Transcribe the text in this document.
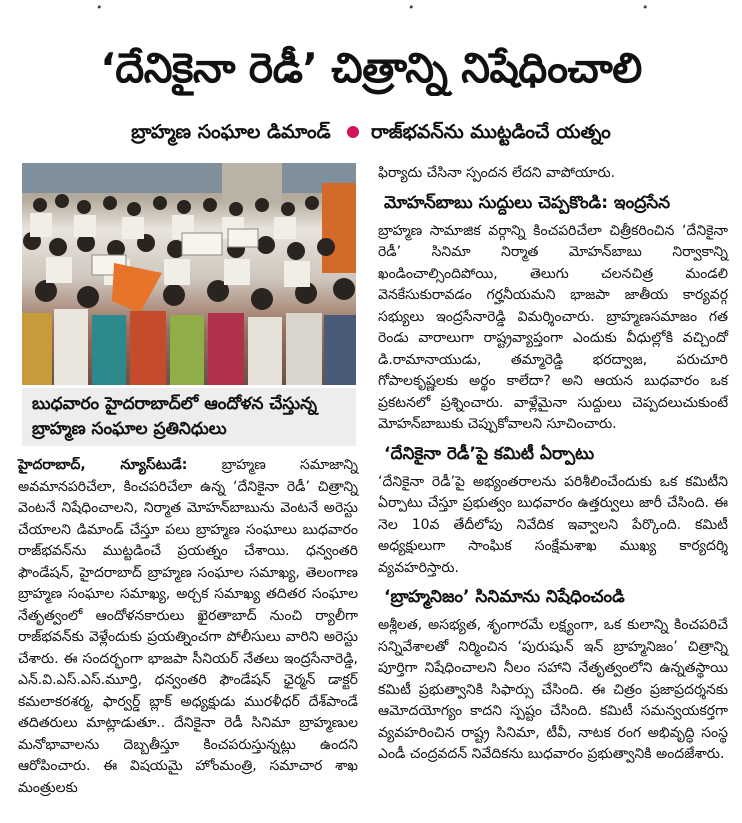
•	•	•
‘దేనికైనా రెడీ’ చిత్రాన్ని నిషేధించాలి
బ్రాహ్మణ సంఘాల డిమాండ్ రాజ్‌భవన్‌ను ముట్టడించే యత్నం
బుధవారం హైదరాబాద్‌లో ఆందోళన చేస్తున్న బ్రాహ్మణ సంఘాల ప్రతినిధులు

హైదరాబాద్, న్యూస్‌టుడే: బ్రాహ్మణ సమాజాన్ని అవమానపరిచేలా, కించపరిచేలా ఉన్న ‘దేనికైనా రెడీ’ చిత్రాన్ని వెంటనే నిషేధించాలని, నిర్మాత మోహన్‌బాబును వెంటనే అరెస్టు చేయాలని డిమాండ్ చేస్తూ పలు బ్రాహ్మణ సంఘాలు బుధవారం రాజ్‌భవన్‌ను ముట్టడించే ప్రయత్నం చేశాయి. ధన్వంతరి ఫౌండేషన్, హైదరాబాద్ బ్రాహ్మణ సంఘాల సమాఖ్య, తెలంగాణ బ్రాహ్మణ సంఘాల సమాఖ్య, అర్చక సమాఖ్య తదితర సంఘాల నేతృత్వంలో ఆందోళనకారులు ఖైరతాబాద్ నుంచి ర్యాలీగా రాజ్‌భవన్‌కు వెళ్లేందుకు ప్రయత్నించగా పోలీసులు వారిని అరెస్టు చేశారు. ఈ సందర్భంగా భాజపా సీనియర్ నేతలు ఇంద్రసేనారెడ్డి, ఎన్.వి.ఎస్.ఎస్.మూర్తి, ధన్వంతరి ఫౌండేషన్ ఛైర్మన్ డాక్టర్ కమలాకరశర్మ, ఫార్వర్డ్ బ్లాక్ అధ్యక్షుడు మురళీధర్ దేశ్‌పాండే తదితరులు మాట్లాడుతూ.. దేనికైనా రెడీ సినిమా బ్రాహ్మణుల మనోభావాలను దెబ్బతీస్తూ కించపరుస్తున్నట్లు ఉందని ఆరోపించారు. ఈ విషయమై హోంమంత్రి, సమాచార శాఖ మంత్రులకు

ఫిర్యాదు చేసినా స్పందన లేదని వాపోయారు.

మోహన్‌బాబు సుద్దులు చెప్పకొండి: ఇంద్రసేన

బ్రాహ్మణ సామాజిక వర్గాన్ని కించపరిచేలా చిత్రీకరించిన ‘దేనికైనా రెడీ’ సినిమా నిర్మాత మోహన్‌బాబు నిర్వాకాన్ని ఖండించాల్సిందిపోయి, తెలుగు చలనచిత్ర మండలి వెనకేసుకురావడం గర్హనీయమని భాజపా జాతీయ కార్యవర్గ సభ్యులు ఇంద్రసేనారెడ్డి విమర్శించారు. బ్రాహ్మణసమాజం గత రెండు వారాలుగా రాష్ట్రవ్యాప్తంగా ఎందుకు వీధుల్లోకి వచ్చిందో డి.రామానాయుడు, తమ్మారెడ్డి భరద్వాజ, పరుచూరి గోపాలకృష్ణలకు అర్థం కాలేదా? అని ఆయన బుధవారం ఒక ప్రకటనలో ప్రశ్నించారు. వాళ్లేమైనా సుద్దులు చెప్పదలుచుకుంటే మోహన్‌బాబుకు చెప్పుకోవాలని సూచించారు.

‘దేనికైనా రెడీ’పై కమిటీ ఏర్పాటు

‘దేనికైనా రెడీ’పై అభ్యంతరాలను పరిశీలించేందుకు ఒక కమిటీని ఏర్పాటు చేస్తూ ప్రభుత్వం బుధవారం ఉత్తర్వులు జారీ చేసింది. ఈ నెల 10వ తేదీలోపు నివేదిక ఇవ్వాలని పేర్కొంది. కమిటీ అధ్యక్షులుగా సాంఘిక సంక్షేమశాఖ ముఖ్య కార్యదర్శి వ్యవహరిస్తారు.

‘బ్రాహ్మనిజం’ సినిమాను నిషేధించండి

అశ్లీలత, అసభ్యత, శృంగారమే లక్ష్యంగా, ఒక కులాన్ని కించపరిచే సన్నివేశాలతో నిర్మించిన ‘పురుషున్ ఇన్ బ్రాహ్మనిజం’ చిత్రాన్ని పూర్తిగా నిషేధించాలని నీలం సహాని నేతృత్వంలోని ఉన్నతస్థాయి కమిటీ ప్రభుత్వానికి సిఫార్సు చేసింది. ఈ చిత్రం ప్రజాప్రదర్శనకు ఆమోదయోగ్యం కాదని స్పష్టం చేసింది. కమిటీ సమన్వయకర్తగా వ్యవహరించిన రాష్ట్ర సినిమా, టీవీ, నాటక రంగ అభివృద్ధి సంస్థ ఎండీ చంద్రవదన్ నివేదికను బుధవారం ప్రభుత్వానికి అందజేశారు.
